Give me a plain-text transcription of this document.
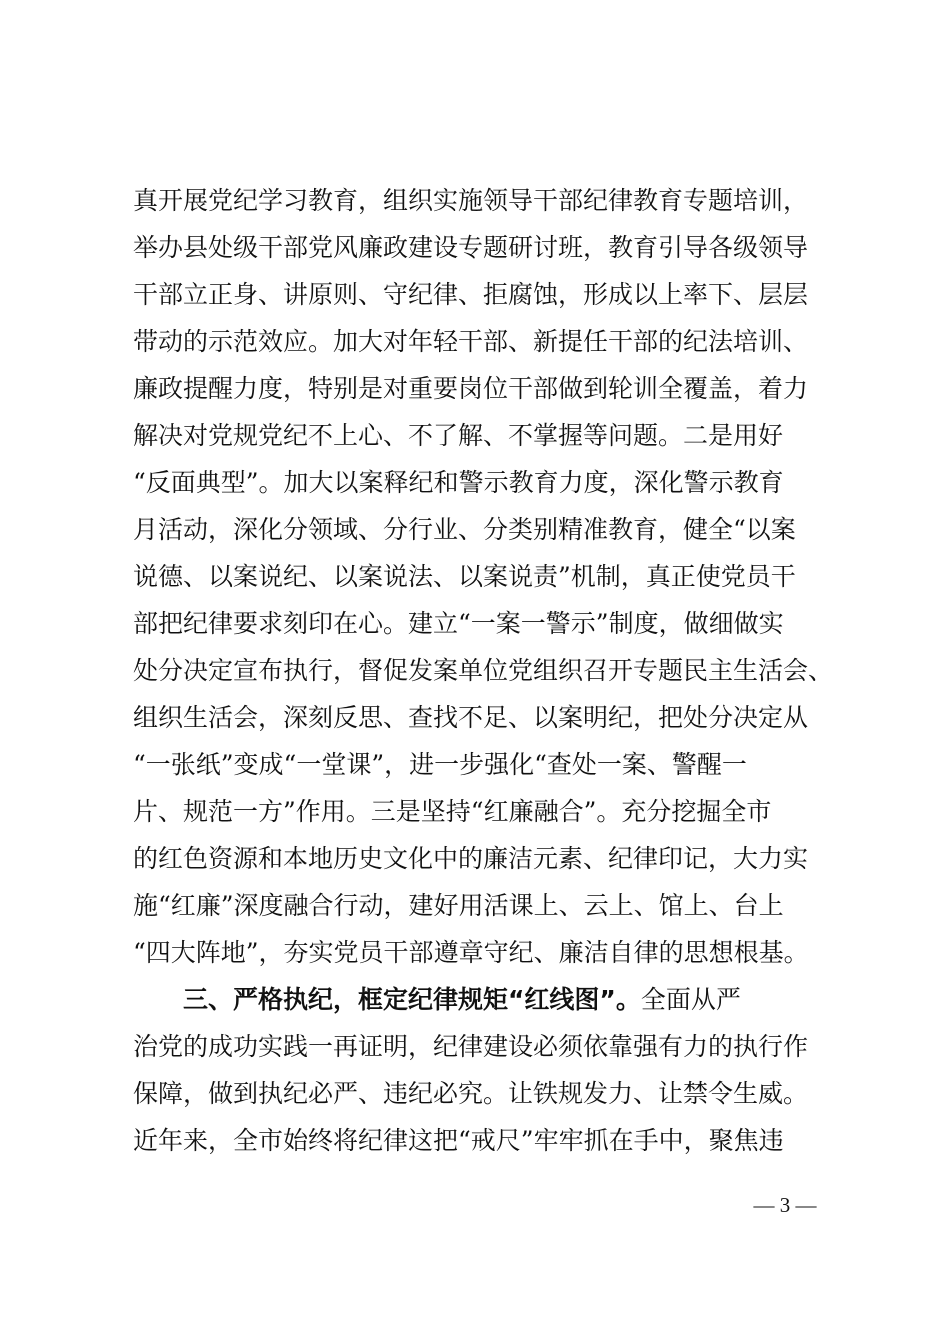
真开展党纪学习教育，组织实施领导干部纪律教育专题培训，
举办县处级干部党风廉政建设专题研讨班，教育引导各级领导
干部立正身、讲原则、守纪律、拒腐蚀，形成以上率下、层层
带动的示范效应。加大对年轻干部、新提任干部的纪法培训、
廉政提醒力度，特别是对重要岗位干部做到轮训全覆盖，着力
解决对党规党纪不上心、不了解、不掌握等问题。二是用好
“反面典型”。加大以案释纪和警示教育力度，深化警示教育
月活动，深化分领域、分行业、分类别精准教育，健全“以案
说德、以案说纪、以案说法、以案说责”机制，真正使党员干
部把纪律要求刻印在心。建立“一案一警示”制度，做细做实
处分决定宣布执行，督促发案单位党组织召开专题民主生活会、
组织生活会，深刻反思、查找不足、以案明纪，把处分决定从
“一张纸”变成“一堂课”，进一步强化“查处一案、警醒一
片、规范一方”作用。三是坚持“红廉融合”。充分挖掘全市
的红色资源和本地历史文化中的廉洁元素、纪律印记，大力实
施“红廉”深度融合行动，建好用活课上、云上、馆上、台上
“四大阵地”，夯实党员干部遵章守纪、廉洁自律的思想根基。
三、严格执纪，框定纪律规矩“红线图”。全面从严
治党的成功实践一再证明，纪律建设必须依靠强有力的执行作
保障，做到执纪必严、违纪必究。让铁规发力、让禁令生威。
近年来，全市始终将纪律这把“戒尺”牢牢抓在手中，聚焦违
— 3 —
